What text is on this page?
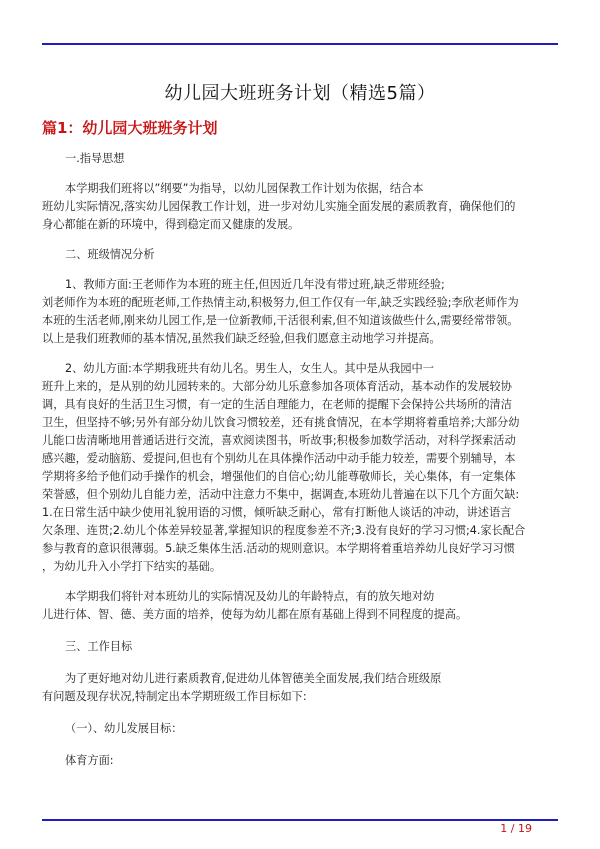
幼儿园大班班务计划（精选5篇）
篇1：幼儿园大班班务计划

一.指导思想

本学期我们班将以”纲要”为指导，以幼儿园保教工作计划为依据，结合本

班幼儿实际情况,落实幼儿园保教工作计划，进一步对幼儿实施全面发展的素质教育，确保他们的

身心都能在新的环境中，得到稳定而又健康的发展。

二、班级情况分析

1、教师方面:王老师作为本班的班主任,但因近几年没有带过班,缺乏带班经验;

刘老师作为本班的配班老师,工作热情主动,积极努力,但工作仅有一年,缺乏实践经验;李欣老师作为

本班的生活老师,刚来幼儿园工作,是一位新教师,干活很利索,但不知道该做些什么,需要经常带领。

以上是我们班教师的基本情况,虽然我们缺乏经验,但我们愿意主动地学习并提高。

2、幼儿方面:本学期我班共有幼儿名。男生人，女生人。其中是从我园中一

班升上来的，是从别的幼儿园转来的。大部分幼儿乐意参加各项体育活动，基本动作的发展较协

调，具有良好的生活卫生习惯，有一定的生活自理能力，在老师的提醒下会保持公共场所的清洁

卫生，但坚持不够;另外有部分幼儿饮食习惯较差，还有挑食情况，在本学期将着重培养;大部分幼

儿能口齿清晰地用普通话进行交流，喜欢阅读图书，听故事;积极参加数学活动，对科学探索活动

感兴趣，爱动脑筋、爱提问,但也有个别幼儿在具体操作活动中动手能力较差，需要个别辅导，本

学期将多给予他们动手操作的机会，增强他们的自信心;幼儿能尊敬师长，关心集体，有一定集体

荣誉感，但个别幼儿自能力差，活动中注意力不集中，据调查,本班幼儿普遍在以下几个方面欠缺:

1.在日常生活中缺少使用礼貌用语的习惯，倾听缺乏耐心，常有打断他人谈话的冲动，讲述语言

欠条理、连贯;2.幼儿个体差异较显著,掌握知识的程度参差不齐;3.没有良好的学习习惯;4.家长配合

参与教育的意识很薄弱。5.缺乏集体生活.活动的规则意识。本学期将着重培养幼儿良好学习习惯

，为幼儿升入小学打下结实的基础。

本学期我们将针对本班幼儿的实际情况及幼儿的年龄特点，有的放矢地对幼

儿进行体、智、德、美方面的培养，使每为幼儿都在原有基础上得到不同程度的提高。

三、工作目标

为了更好地对幼儿进行素质教育,促进幼儿体智德美全面发展,我们结合班级原

有问题及现存状况,特制定出本学期班级工作目标如下:

（一）、幼儿发展目标：

体育方面:

1 / 19
